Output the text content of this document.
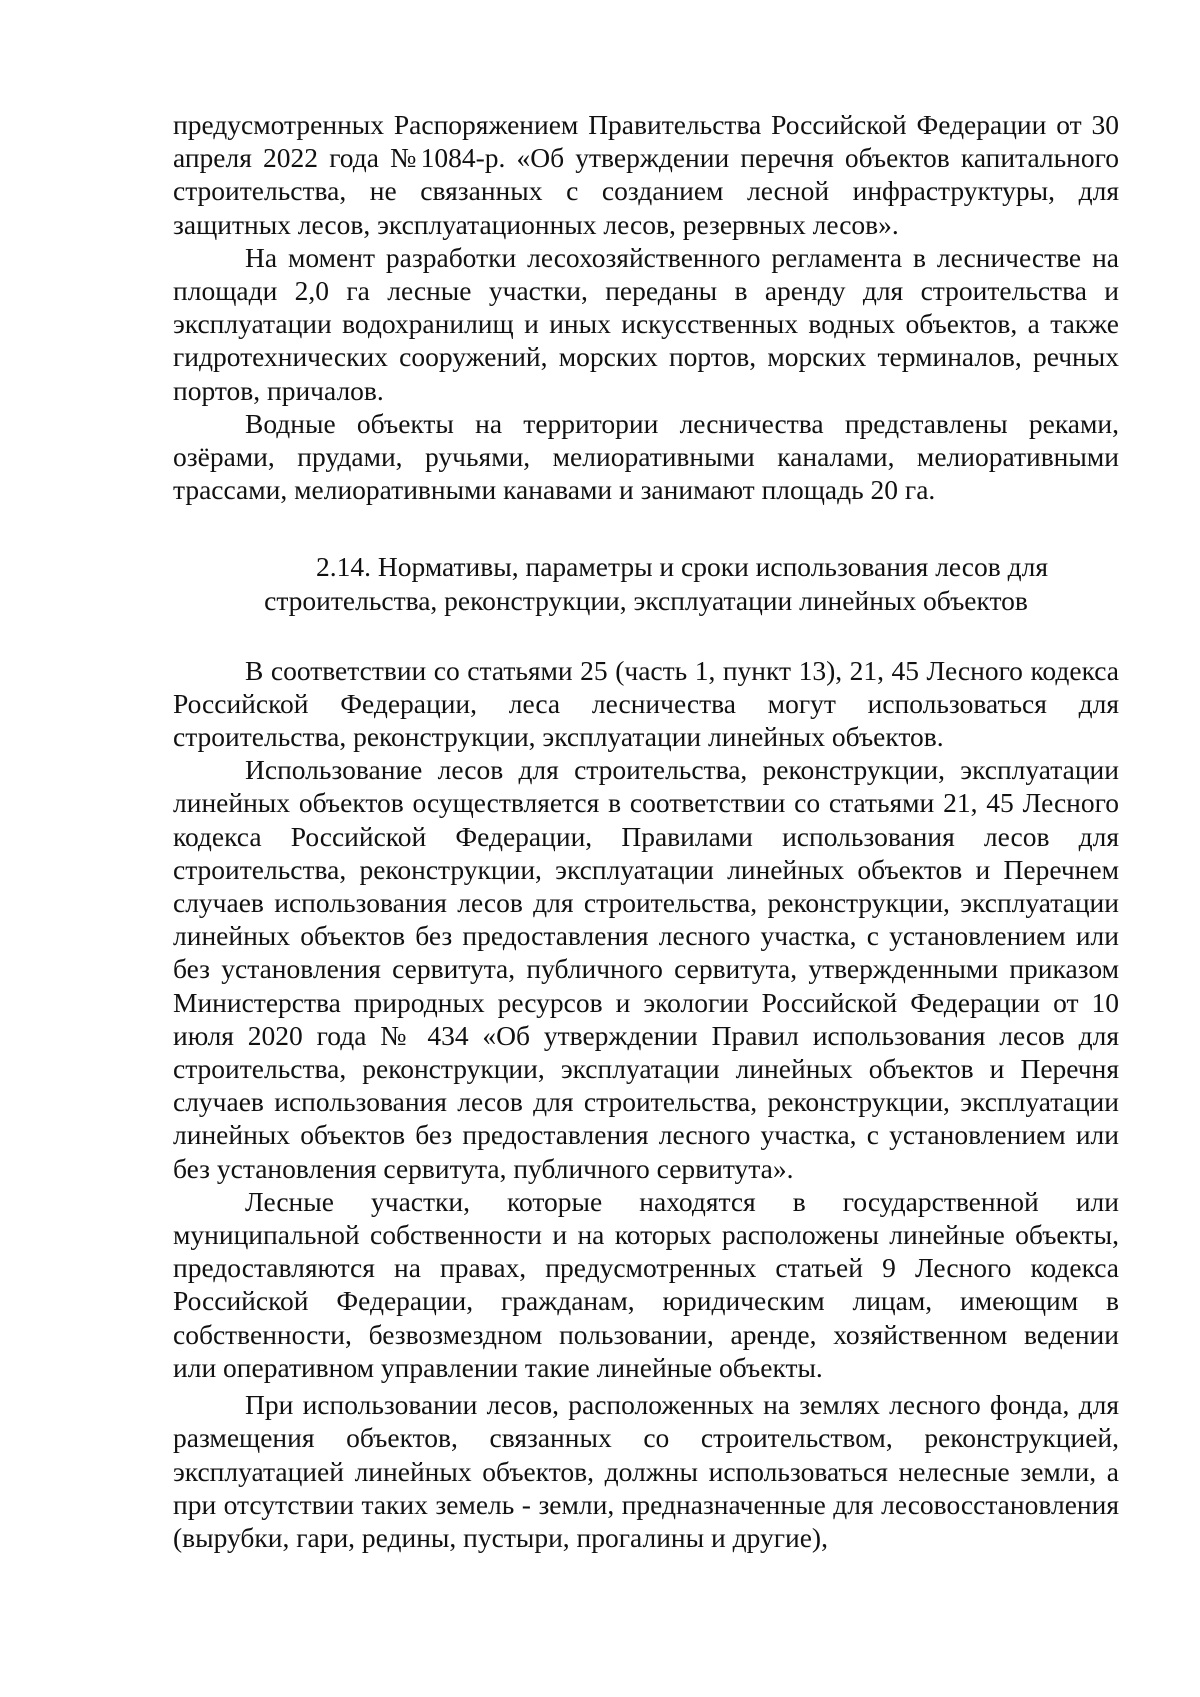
предусмотренных Распоряжением Правительства Российской Федерации от 30 апреля 2022 года №1084-р. «Об утверждении перечня объектов капитального строительства, не связанных с созданием лесной инфраструктуры, для защитных лесов, эксплуатационных лесов, резервных лесов».

На момент разработки лесохозяйственного регламента в лесничестве на площади 2,0 га лесные участки, переданы в аренду для строительства и эксплуатации водохранилищ и иных искусственных водных объектов, а также гидротехнических сооружений, морских портов, морских терминалов, речных портов, причалов.

Водные объекты на территории лесничества представлены реками, озёрами, прудами, ручьями, мелиоративными каналами, мелиоративными трассами, мелиоративными канавами и занимают площадь 20 га.

2.14. Нормативы, параметры и сроки использования лесов для
строительства, реконструкции, эксплуатации линейных объектов

В соответствии со статьями 25 (часть 1, пункт 13), 21, 45 Лесного кодекса Российской Федерации, леса лесничества могут использоваться для строительства, реконструкции, эксплуатации линейных объектов.

Использование лесов для строительства, реконструкции, эксплуатации линейных объектов осуществляется в соответствии со статьями 21, 45 Лесного кодекса Российской Федерации, Правилами использования лесов для строительства, реконструкции, эксплуатации линейных объектов и Перечнем случаев использования лесов для строительства, реконструкции, эксплуатации линейных объектов без предоставления лесного участка, с установлением или без установления сервитута, публичного сервитута, утвержденными приказом Министерства природных ресурсов и экологии Российской Федерации от 10 июля 2020 года № 434 «Об утверждении Правил использования лесов для строительства, реконструкции, эксплуатации линейных объектов и Перечня случаев использования лесов для строительства, реконструкции, эксплуатации линейных объектов без предоставления лесного участка, с установлением или без установления сервитута, публичного сервитута».

Лесные участки, которые находятся в государственной или муниципальной собственности и на которых расположены линейные объекты, предоставляются на правах, предусмотренных статьей 9 Лесного кодекса Российской Федерации, гражданам, юридическим лицам, имеющим в собственности, безвозмездном пользовании, аренде, хозяйственном ведении или оперативном управлении такие линейные объекты.

При использовании лесов, расположенных на землях лесного фонда, для размещения объектов, связанных со строительством, реконструкцией, эксплуатацией линейных объектов, должны использоваться нелесные земли, а при отсутствии таких земель - земли, предназначенные для лесовосстановления (вырубки, гари, редины, пустыри, прогалины и другие),
